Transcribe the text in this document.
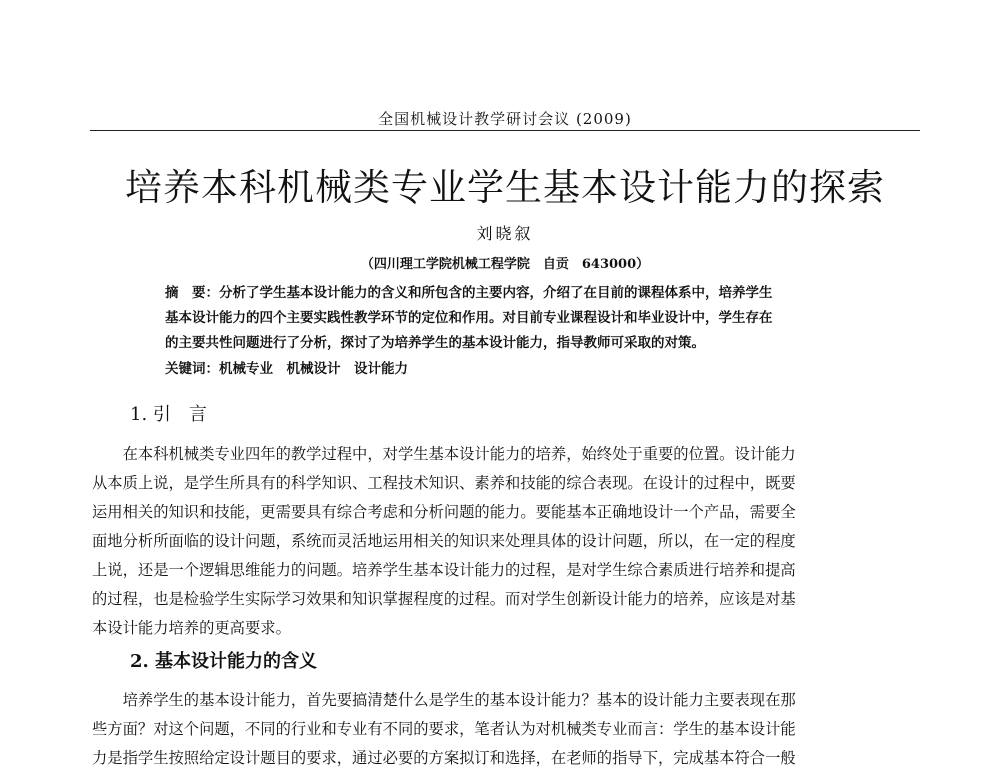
全国机械设计教学研讨会议 (2009)
培养本科机械类专业学生基本设计能力的探索
刘晓叙
（四川理工学院机械工程学院　自贡　643000）
摘　要：分析了学生基本设计能力的含义和所包含的主要内容，介绍了在目前的课程体系中，培养学生
基本设计能力的四个主要实践性教学环节的定位和作用。对目前专业课程设计和毕业设计中，学生存在
的主要共性问题进行了分析，探讨了为培养学生的基本设计能力，指导教师可采取的对策。
关键词：机械专业　机械设计　设计能力
1. 引　言
　　在本科机械类专业四年的教学过程中，对学生基本设计能力的培养，始终处于重要的位置。设计能力
从本质上说，是学生所具有的科学知识、工程技术知识、素养和技能的综合表现。在设计的过程中，既要
运用相关的知识和技能，更需要具有综合考虑和分析问题的能力。要能基本正确地设计一个产品，需要全
面地分析所面临的设计问题，系统而灵活地运用相关的知识来处理具体的设计问题，所以，在一定的程度
上说，还是一个逻辑思维能力的问题。培养学生基本设计能力的过程，是对学生综合素质进行培养和提高
的过程，也是检验学生实际学习效果和知识掌握程度的过程。而对学生创新设计能力的培养，应该是对基
本设计能力培养的更高要求。
2. 基本设计能力的含义
　　培养学生的基本设计能力，首先要搞清楚什么是学生的基本设计能力？基本的设计能力主要表现在那
些方面？对这个问题，不同的行业和专业有不同的要求，笔者认为对机械类专业而言：学生的基本设计能
力是指学生按照给定设计题目的要求，通过必要的方案拟订和选择，在老师的指导下，完成基本符合一般
